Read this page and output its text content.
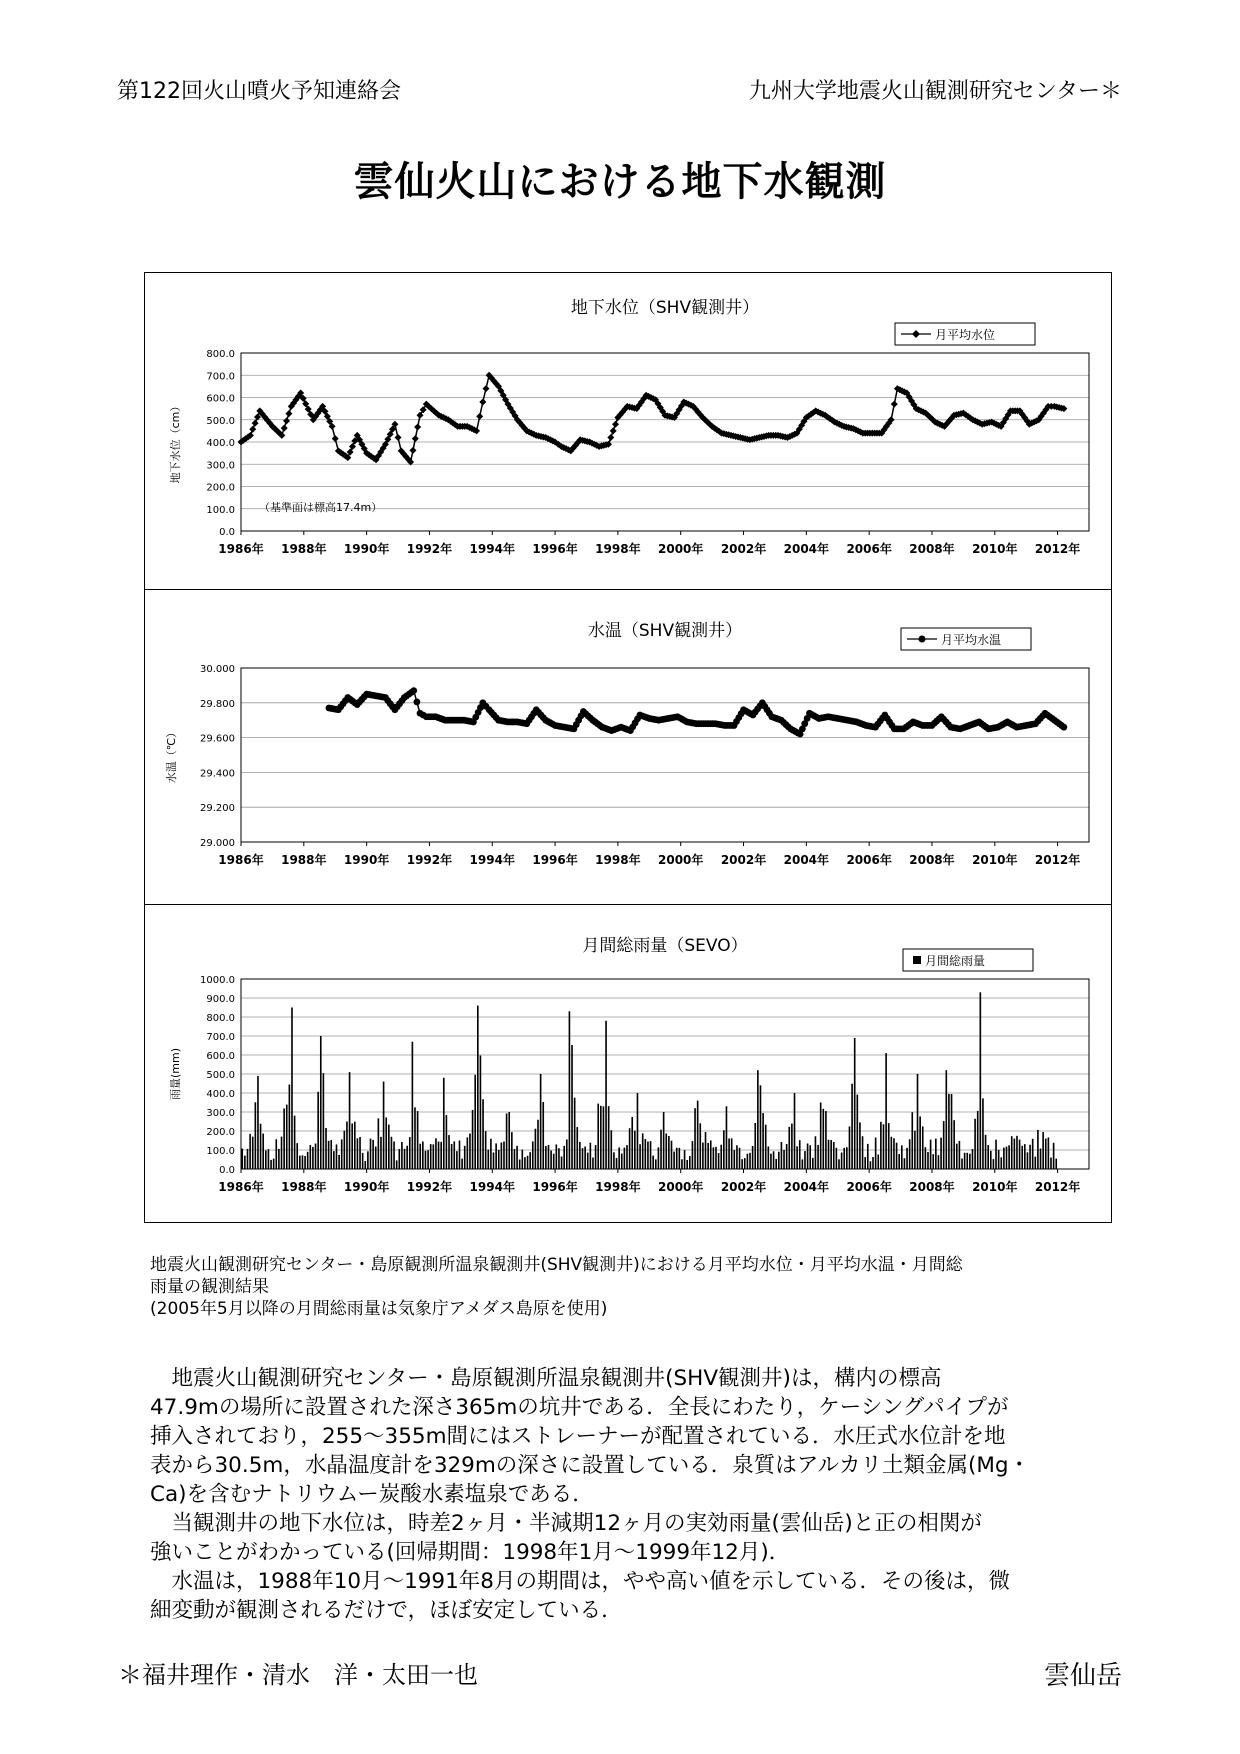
第122回火山噴火予知連絡会	九州大学地震火山観測研究センター＊
雲仙火山における地下水観測
地下水位（SHV観測井）
800.0
700.0
600.0
500.0
400.0
300.0
200.0
100.0
0.0
1986年 1988年 1990年 1992年 1994年 1996年 1998年 2000年 2002年 2004年 2006年 2008年 2010年 2012年
地下水位（cm）
月平均水位
（基準面は標高17.4m）
水温（SHV観測井）
30.000
29.800
29.600
29.400
29.200
29.000
1986年 1988年 1990年 1992年 1994年 1996年 1998年 2000年 2002年 2004年 2006年 2008年 2010年 2012年
水温（℃）
月平均水温
月間総雨量（SEVO）
1000.0
900.0
800.0
700.0
600.0
500.0
400.0
300.0
200.0
100.0
0.0
1986年 1988年 1990年 1992年 1994年 1996年 1998年 2000年 2002年 2004年 2006年 2008年 2010年 2012年
雨量(mm)
月間総雨量
地震火山観測研究センター・島原観測所温泉観測井(SHV観測井)における月平均水位・月平均水温・月間総
雨量の観測結果
(2005年5月以降の月間総雨量は気象庁アメダス島原を使用)
　地震火山観測研究センター・島原観測所温泉観測井(SHV観測井)は，構内の標高
47.9mの場所に設置された深さ365mの坑井である．全長にわたり，ケーシングパイプが
挿入されており，255～355m間にはストレーナーが配置されている．水圧式水位計を地
表から30.5m，水晶温度計を329mの深さに設置している．泉質はアルカリ土類金属(Mg・
Ca)を含むナトリウムー炭酸水素塩泉である．
　当観測井の地下水位は，時差2ヶ月・半減期12ヶ月の実効雨量(雲仙岳)と正の相関が
強いことがわかっている(回帰期間：1998年1月～1999年12月)．
　水温は，1988年10月～1991年8月の期間は，やや高い値を示している．その後は，微
細変動が観測されるだけで，ほぼ安定している．
＊福井理作・清水　洋・太田一也	雲仙岳
